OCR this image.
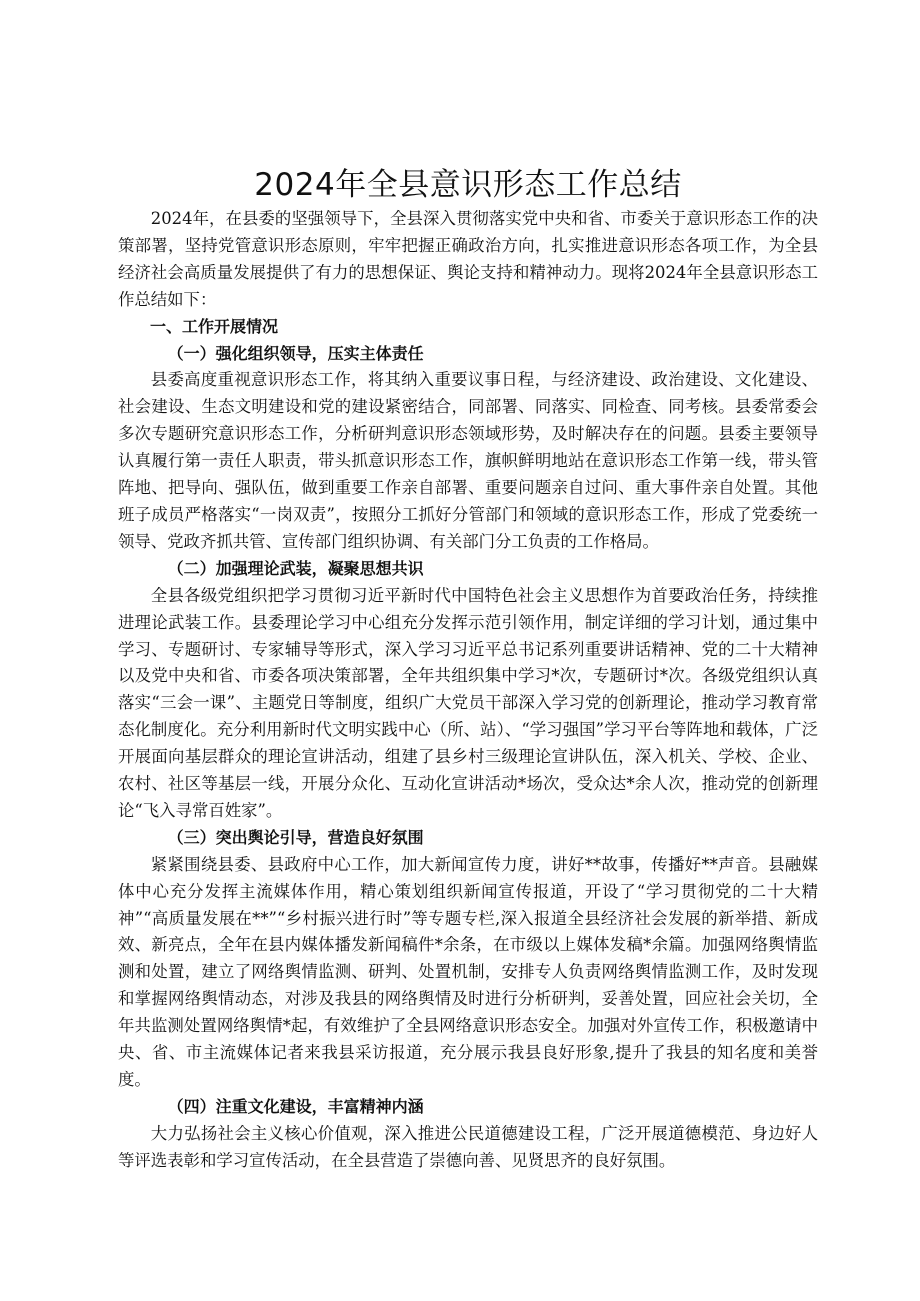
2024年全县意识形态工作总结

2024年，在县委的坚强领导下，全县深入贯彻落实党中央和省、市委关于意识形态工作的决策部署，坚持党管意识形态原则，牢牢把握正确政治方向，扎实推进意识形态各项工作，为全县经济社会高质量发展提供了有力的思想保证、舆论支持和精神动力。现将2024年全县意识形态工作总结如下：

一、工作开展情况

（一）强化组织领导，压实主体责任

县委高度重视意识形态工作，将其纳入重要议事日程，与经济建设、政治建设、文化建设、社会建设、生态文明建设和党的建设紧密结合，同部署、同落实、同检查、同考核。县委常委会多次专题研究意识形态工作，分析研判意识形态领域形势，及时解决存在的问题。县委主要领导认真履行第一责任人职责，带头抓意识形态工作，旗帜鲜明地站在意识形态工作第一线，带头管阵地、把导向、强队伍，做到重要工作亲自部署、重要问题亲自过问、重大事件亲自处置。其他班子成员严格落实“一岗双责”，按照分工抓好分管部门和领域的意识形态工作，形成了党委统一领导、党政齐抓共管、宣传部门组织协调、有关部门分工负责的工作格局。

（二）加强理论武装，凝聚思想共识

全县各级党组织把学习贯彻习近平新时代中国特色社会主义思想作为首要政治任务，持续推进理论武装工作。县委理论学习中心组充分发挥示范引领作用，制定详细的学习计划，通过集中学习、专题研讨、专家辅导等形式，深入学习习近平总书记系列重要讲话精神、党的二十大精神以及党中央和省、市委各项决策部署，全年共组织集中学习*次，专题研讨*次。各级党组织认真落实“三会一课”、主题党日等制度，组织广大党员干部深入学习党的创新理论，推动学习教育常态化制度化。充分利用新时代文明实践中心（所、站）、“学习强国”学习平台等阵地和载体，广泛开展面向基层群众的理论宣讲活动，组建了县乡村三级理论宣讲队伍，深入机关、学校、企业、农村、社区等基层一线，开展分众化、互动化宣讲活动*场次，受众达*余人次，推动党的创新理论“飞入寻常百姓家”。

（三）突出舆论引导，营造良好氛围

紧紧围绕县委、县政府中心工作，加大新闻宣传力度，讲好**故事，传播好**声音。县融媒体中心充分发挥主流媒体作用，精心策划组织新闻宣传报道，开设了“学习贯彻党的二十大精神”“高质量发展在**”“乡村振兴进行时”等专题专栏,深入报道全县经济社会发展的新举措、新成效、新亮点，全年在县内媒体播发新闻稿件*余条，在市级以上媒体发稿*余篇。加强网络舆情监测和处置，建立了网络舆情监测、研判、处置机制，安排专人负责网络舆情监测工作，及时发现和掌握网络舆情动态，对涉及我县的网络舆情及时进行分析研判，妥善处置，回应社会关切，全年共监测处置网络舆情*起，有效维护了全县网络意识形态安全。加强对外宣传工作，积极邀请中央、省、市主流媒体记者来我县采访报道，充分展示我县良好形象,提升了我县的知名度和美誉度。

（四）注重文化建设，丰富精神内涵

大力弘扬社会主义核心价值观，深入推进公民道德建设工程，广泛开展道德模范、身边好人等评选表彰和学习宣传活动，在全县营造了崇德向善、见贤思齐的良好氛围。
